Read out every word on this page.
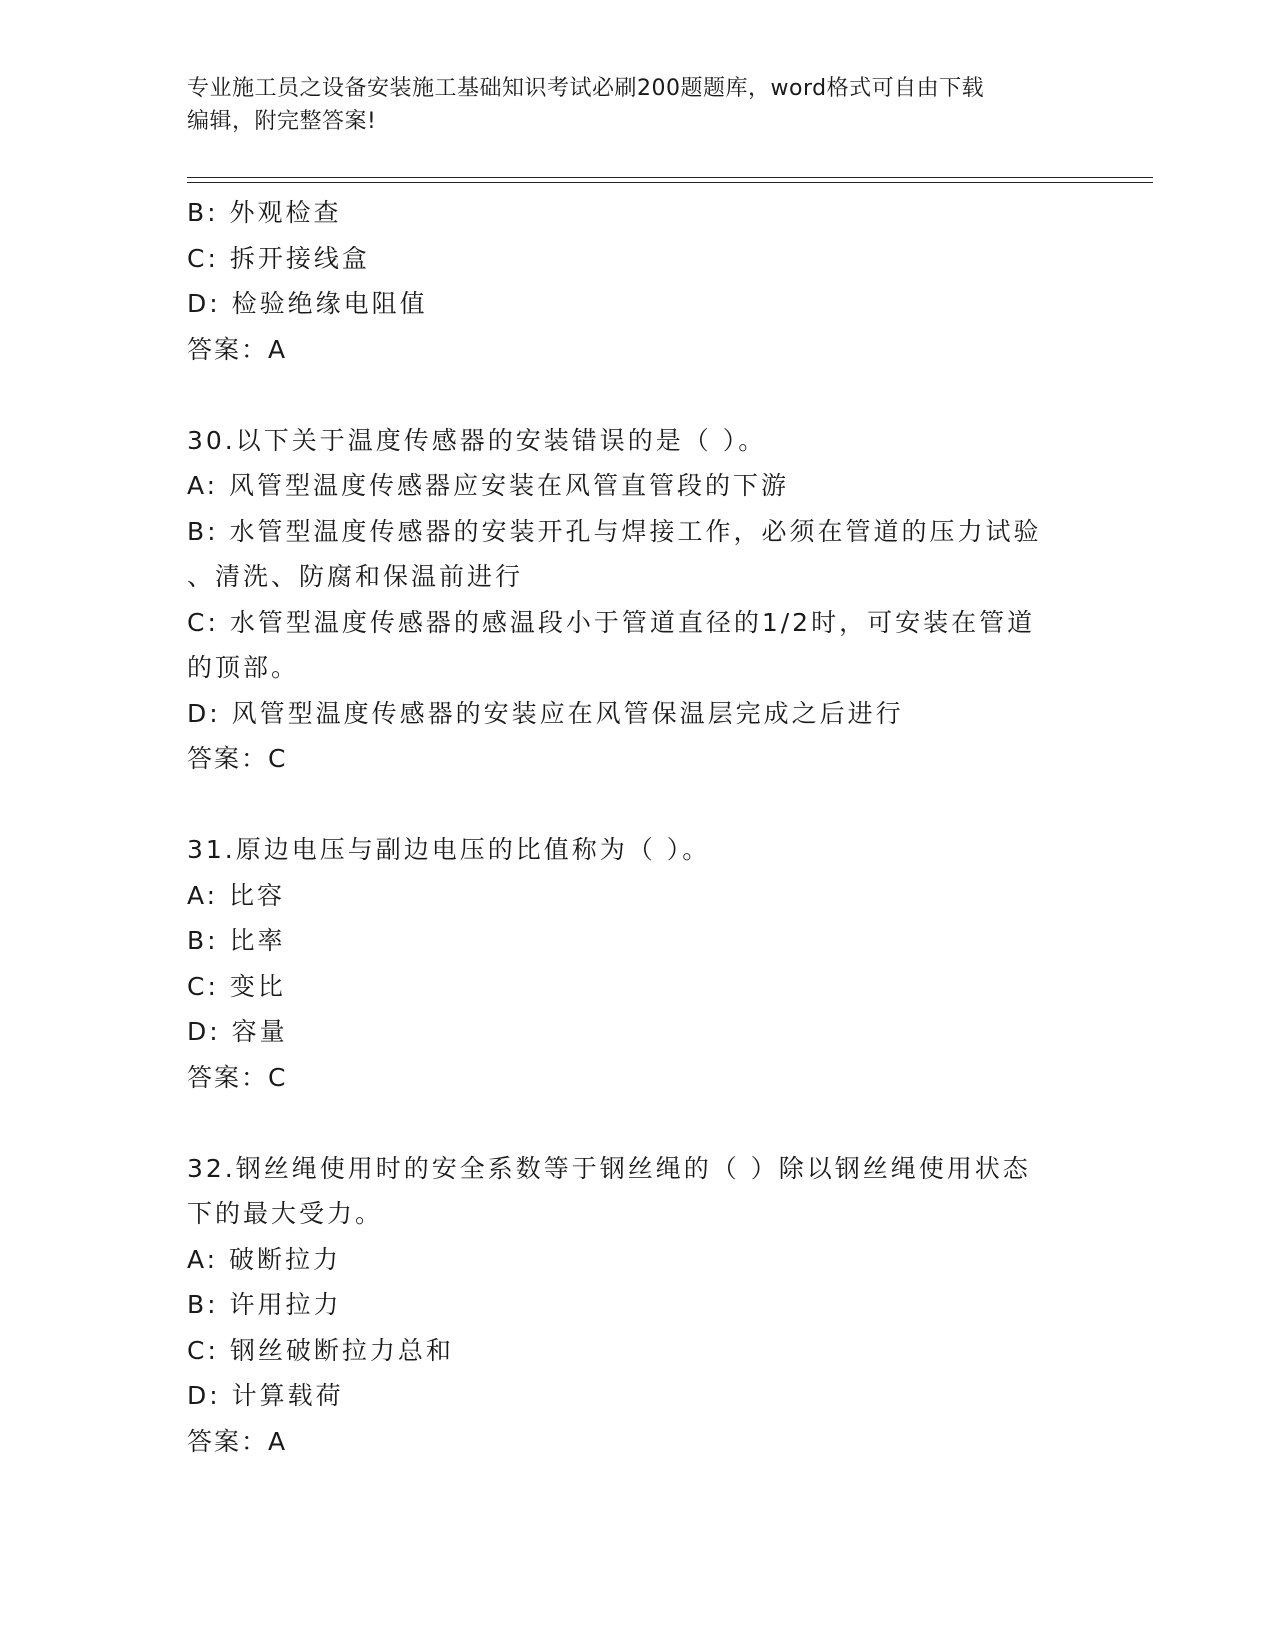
专业施工员之设备安装施工基础知识考试必刷200题题库，word格式可自由下载
编辑，附完整答案!
B: 外观检查
C: 拆开接线盒
D: 检验绝缘电阻值
答案：A
30.以下关于温度传感器的安装错误的是（ ）。
A: 风管型温度传感器应安装在风管直管段的下游
B: 水管型温度传感器的安装开孔与焊接工作，必须在管道的压力试验
、清洗、防腐和保温前进行
C: 水管型温度传感器的感温段小于管道直径的1/2时，可安装在管道
的顶部。
D: 风管型温度传感器的安装应在风管保温层完成之后进行
答案：C
31.原边电压与副边电压的比值称为（ ）。
A: 比容
B: 比率
C: 变比
D: 容量
答案：C
32.钢丝绳使用时的安全系数等于钢丝绳的（ ）除以钢丝绳使用状态
下的最大受力。
A: 破断拉力
B: 许用拉力
C: 钢丝破断拉力总和
D: 计算载荷
答案：A
